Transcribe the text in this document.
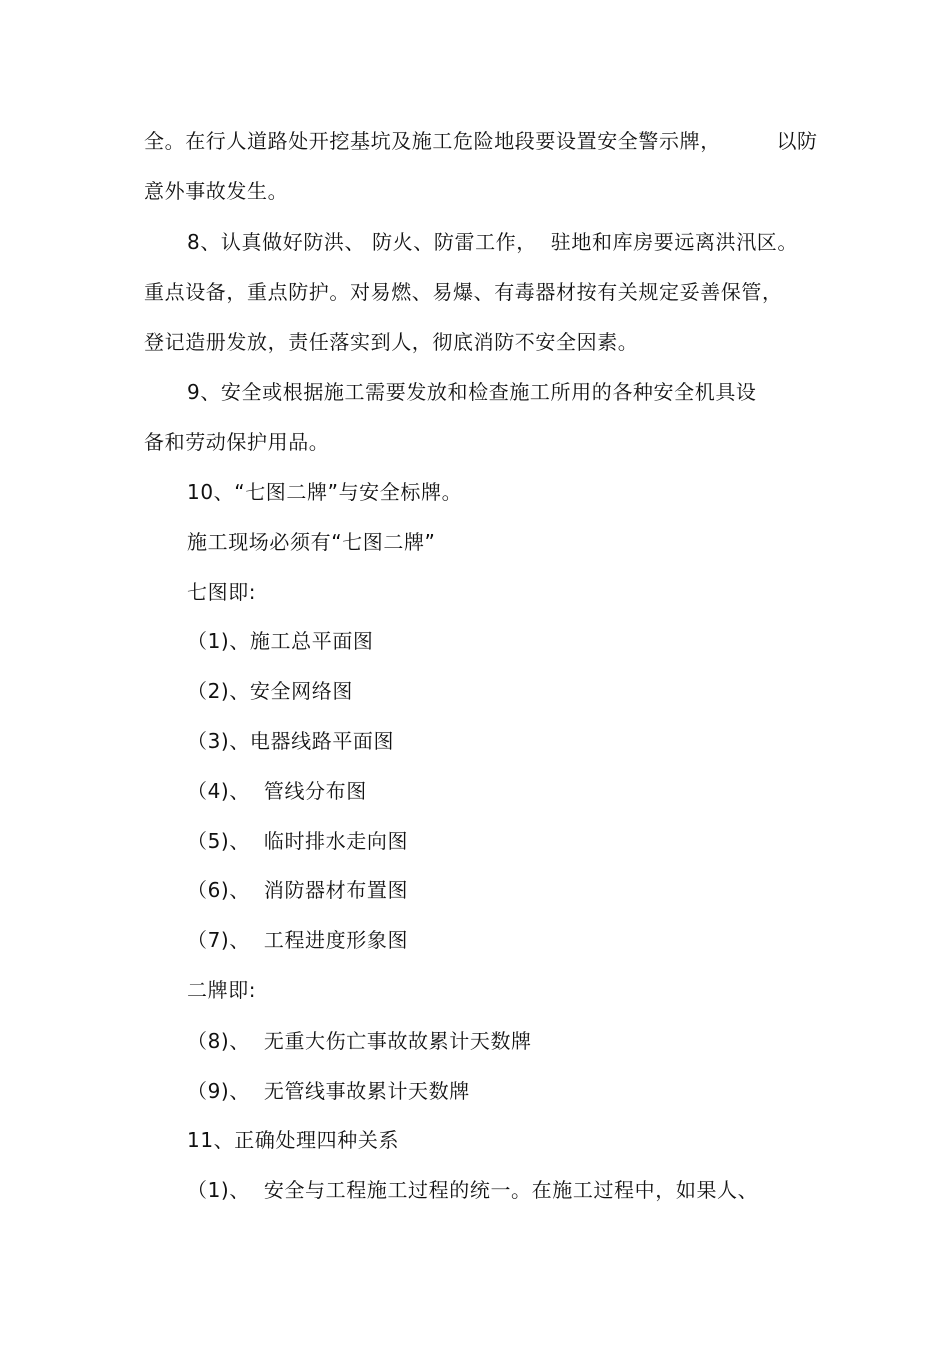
全。在行人道路处开挖基坑及施工危险地段要设置安全警示牌，        以防
意外事故发生。
8、认真做好防洪、 防火、防雷工作，  驻地和库房要远离洪汛区。
重点设备，重点防护。对易燃、易爆、有毒器材按有关规定妥善保管，
登记造册发放，责任落实到人，彻底消防不安全因素。
9、安全或根据施工需要发放和检查施工所用的各种安全机具设
备和劳动保护用品。
10、“七图二牌”与安全标牌。
施工现场必须有“七图二牌”
七图即:
（1)、施工总平面图
（2)、安全网络图
（3)、电器线路平面图
（4)、  管线分布图
（5)、  临时排水走向图
（6)、  消防器材布置图
（7)、  工程进度形象图
二牌即:
（8)、  无重大伤亡事故故累计天数牌
（9)、  无管线事故累计天数牌
11、正确处理四种关系
（1)、  安全与工程施工过程的统一。在施工过程中，如果人、
